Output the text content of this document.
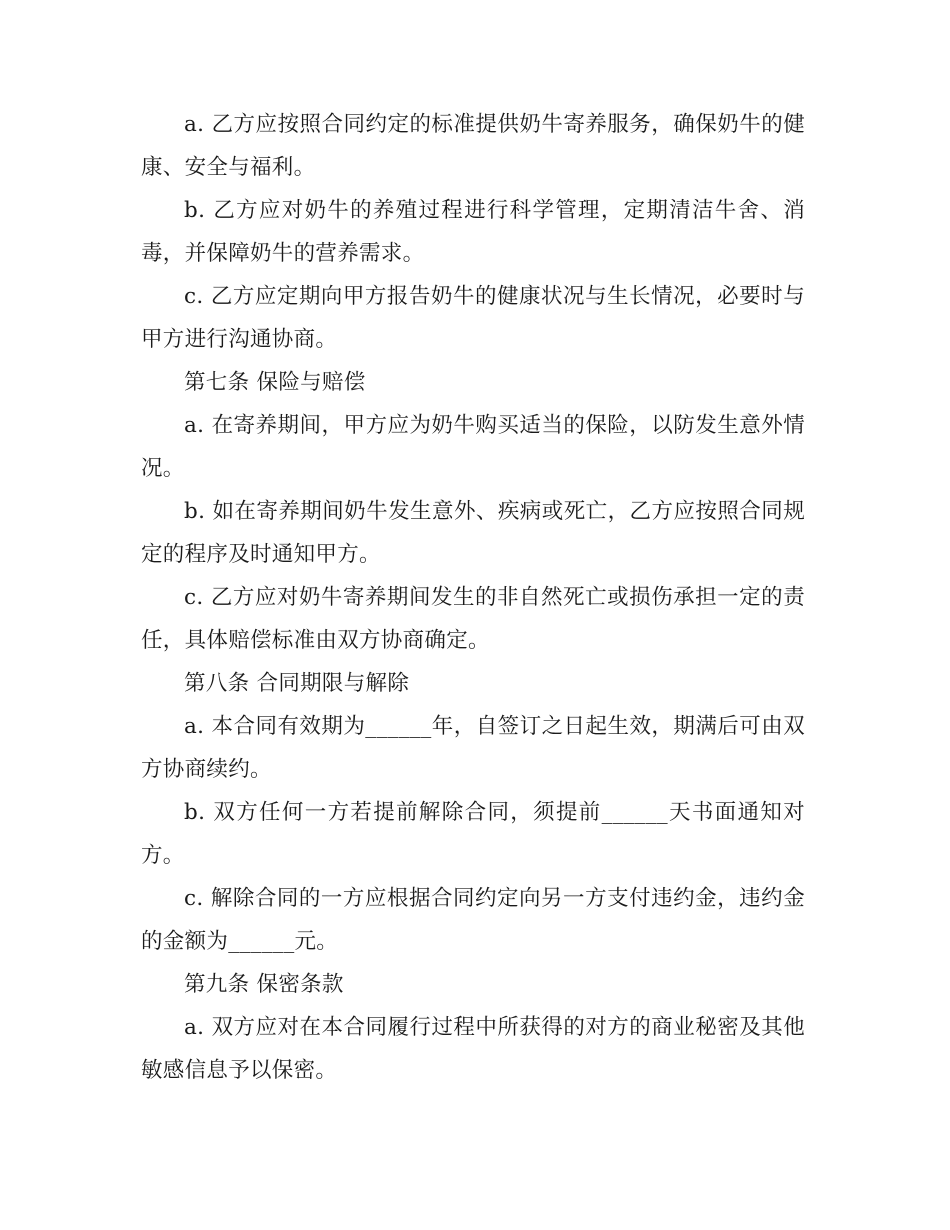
a. 乙方应按照合同约定的标准提供奶牛寄养服务，确保奶牛的健康、安全与福利。

b. 乙方应对奶牛的养殖过程进行科学管理，定期清洁牛舍、消毒，并保障奶牛的营养需求。

c. 乙方应定期向甲方报告奶牛的健康状况与生长情况，必要时与甲方进行沟通协商。

第七条 保险与赔偿

a. 在寄养期间，甲方应为奶牛购买适当的保险，以防发生意外情况。

b. 如在寄养期间奶牛发生意外、疾病或死亡，乙方应按照合同规定的程序及时通知甲方。

c. 乙方应对奶牛寄养期间发生的非自然死亡或损伤承担一定的责任，具体赔偿标准由双方协商确定。

第八条 合同期限与解除

a. 本合同有效期为______年，自签订之日起生效，期满后可由双方协商续约。

b. 双方任何一方若提前解除合同，须提前______天书面通知对方。

c. 解除合同的一方应根据合同约定向另一方支付违约金，违约金的金额为______元。

第九条 保密条款

a. 双方应对在本合同履行过程中所获得的对方的商业秘密及其他敏感信息予以保密。
